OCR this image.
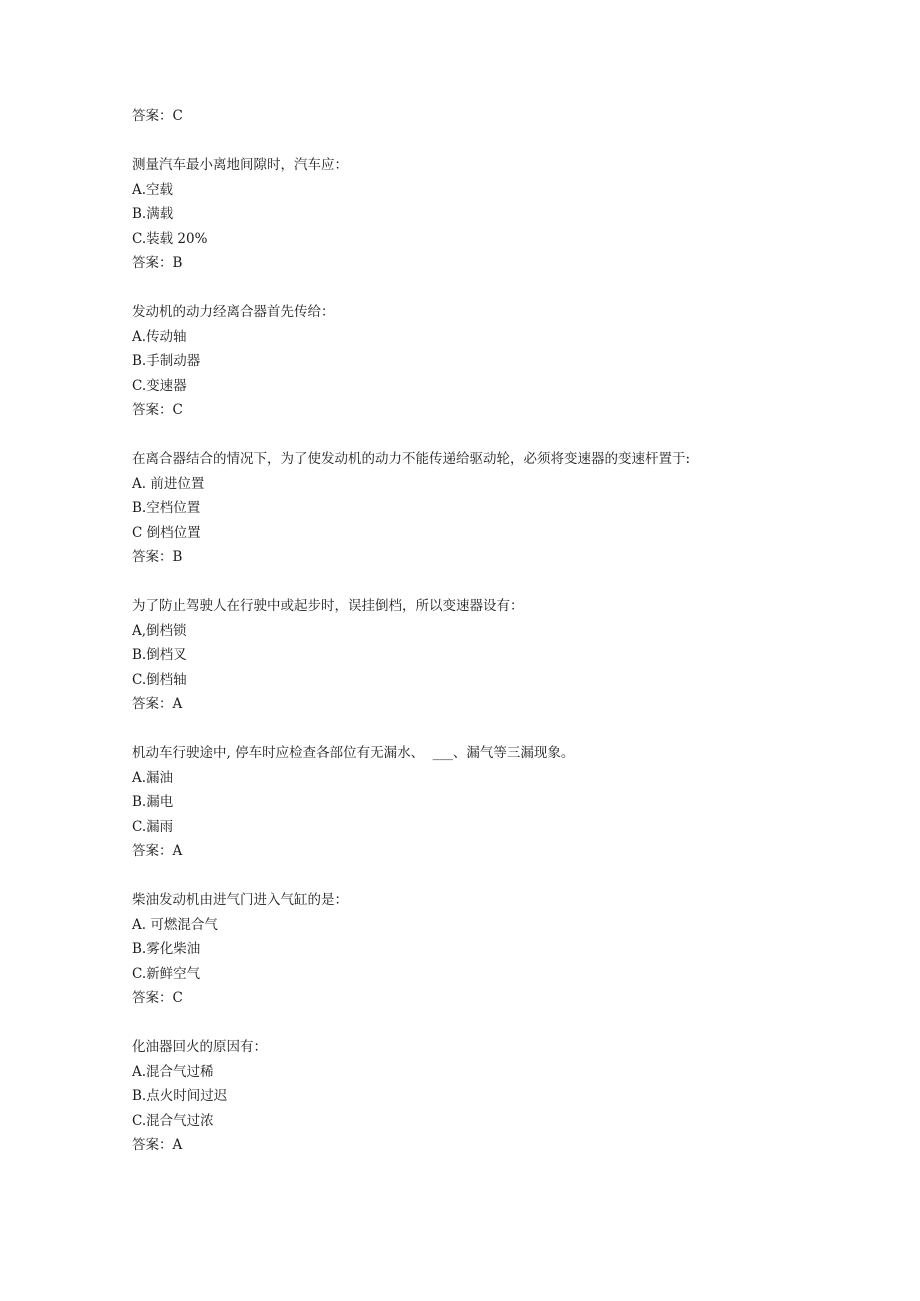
答案：C
测量汽车最小离地间隙时，汽车应：
A.空载
B.满载
C.装载 20%
答案：B
发动机的动力经离合器首先传给：
A.传动轴
B.手制动器
C.变速器
答案：C
在离合器结合的情况下，为了使发动机的动力不能传递给驱动轮，必须将变速器的变速杆置于:
A. 前进位置
B.空档位置
C 倒档位置
答案：B
为了防止驾驶人在行驶中或起步时，误挂倒档，所以变速器设有：
A,倒档锁
B.倒档叉
C.倒档轴
答案：A
机动车行驶途中, 停车时应检查各部位有无漏水、  ___、漏气等三漏现象。
A.漏油
B.漏电
C.漏雨
答案：A
柴油发动机由进气门进入气缸的是：
A. 可燃混合气
B.雾化柴油
C.新鲜空气
答案：C
化油器回火的原因有：
A.混合气过稀
B.点火时间过迟
C.混合气过浓
答案：A
